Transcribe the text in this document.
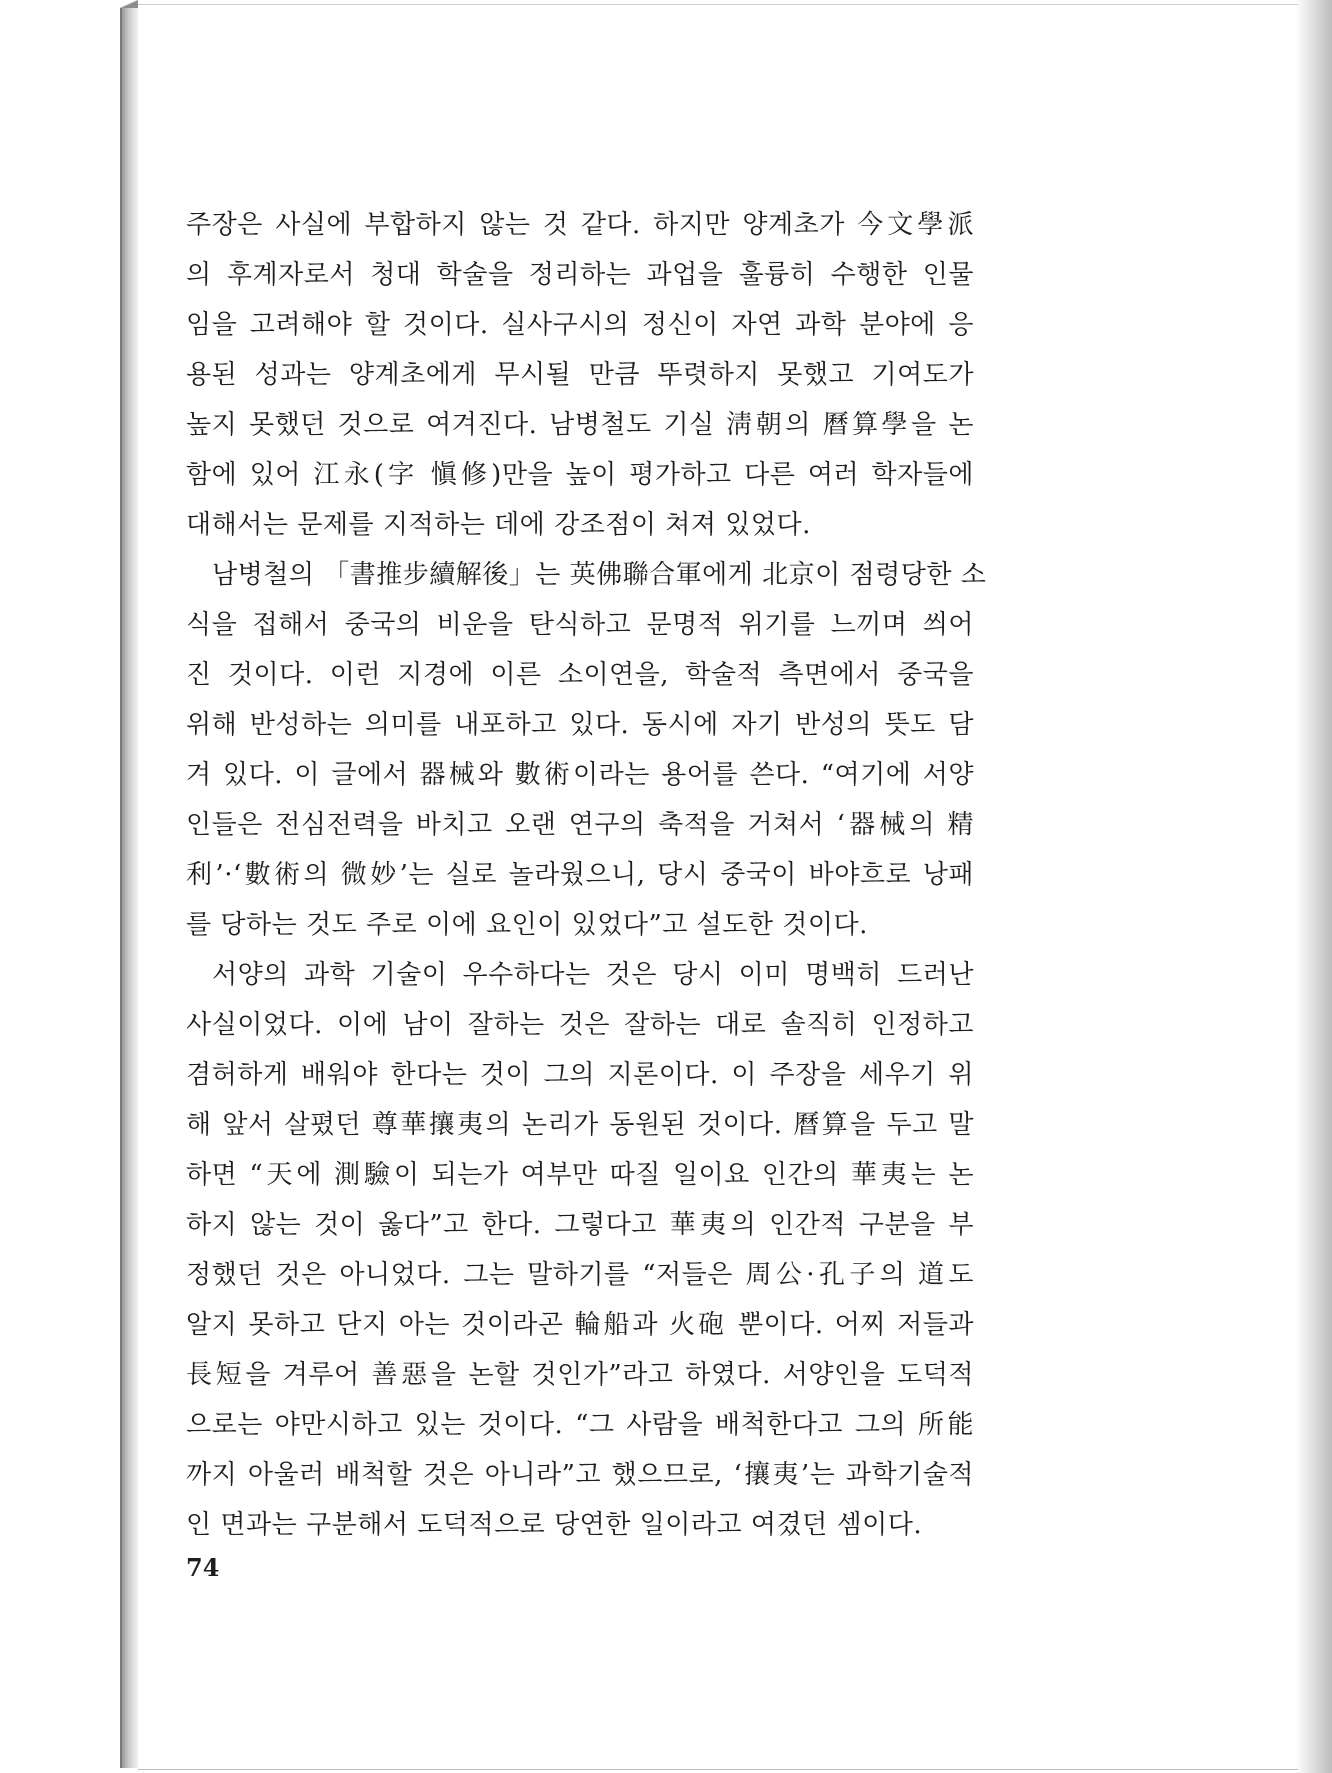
주장은 사실에 부합하지 않는 것 같다. 하지만 양계초가 今文學派
의 후계자로서 청대 학술을 정리하는 과업을 훌륭히 수행한 인물
임을 고려해야 할 것이다. 실사구시의 정신이 자연 과학 분야에 응
용된 성과는 양계초에게 무시될 만큼 뚜렷하지 못했고 기여도가
높지 못했던 것으로 여겨진다. 남병철도 기실 淸朝의 曆算學을 논
함에 있어 江永(字 愼修)만을 높이 평가하고 다른 여러 학자들에
대해서는 문제를 지적하는 데에 강조점이 쳐져 있었다.

남병철의 「書推步續解後」는 英佛聯合軍에게 北京이 점령당한 소
식을 접해서 중국의 비운을 탄식하고 문명적 위기를 느끼며 씌어
진 것이다. 이런 지경에 이른 소이연을, 학술적 측면에서 중국을
위해 반성하는 의미를 내포하고 있다. 동시에 자기 반성의 뜻도 담
겨 있다. 이 글에서 器械와 數術이라는 용어를 쓴다. “여기에 서양
인들은 전심전력을 바치고 오랜 연구의 축적을 거쳐서 ‘器械의 精
利’·‘數術의 微妙’는 실로 놀라웠으니, 당시 중국이 바야흐로 낭패
를 당하는 것도 주로 이에 요인이 있었다”고 설도한 것이다.

서양의 과학 기술이 우수하다는 것은 당시 이미 명백히 드러난
사실이었다. 이에 남이 잘하는 것은 잘하는 대로 솔직히 인정하고
겸허하게 배워야 한다는 것이 그의 지론이다. 이 주장을 세우기 위
해 앞서 살폈던 尊華攘夷의 논리가 동원된 것이다. 曆算을 두고 말
하면 “天에 測驗이 되는가 여부만 따질 일이요 인간의 華夷는 논
하지 않는 것이 옳다”고 한다. 그렇다고 華夷의 인간적 구분을 부
정했던 것은 아니었다. 그는 말하기를 “저들은 周公·孔子의 道도
알지 못하고 단지 아는 것이라곤 輪船과 火砲 뿐이다. 어찌 저들과
長短을 겨루어 善惡을 논할 것인가”라고 하였다. 서양인을 도덕적
으로는 야만시하고 있는 것이다. “그 사람을 배척한다고 그의 所能
까지 아울러 배척할 것은 아니라”고 했으므로, ‘攘夷’는 과학기술적
인 면과는 구분해서 도덕적으로 당연한 일이라고 여겼던 셈이다.

74
